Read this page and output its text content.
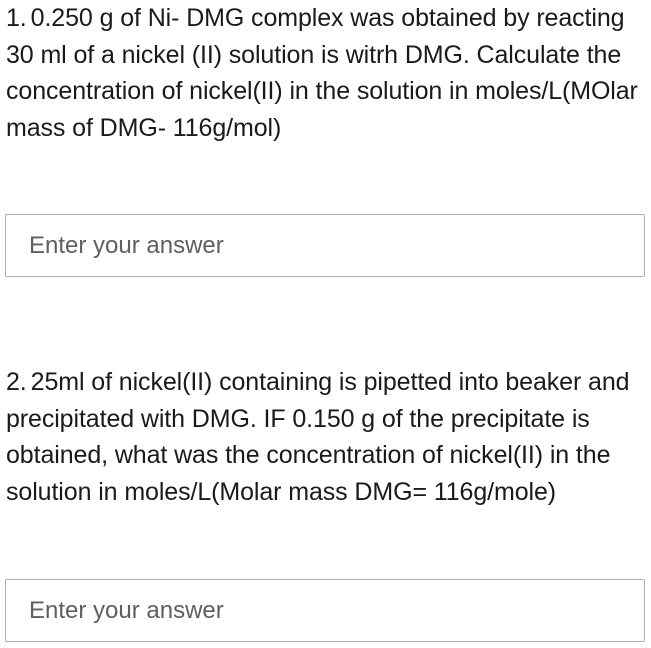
1. 0.250 g of Ni- DMG complex was obtained by reacting 30 ml of a nickel (II) solution is witrh DMG. Calculate the concentration of nickel(II) in the solution in moles/L(MOlar mass of DMG- 116g/mol)
Enter your answer
2. 25ml of nickel(II) containing is pipetted into beaker and precipitated with DMG. IF 0.150 g of the precipitate is obtained, what was the concentration of nickel(II) in the solution in moles/L(Molar mass DMG= 116g/mole)
Enter your answer
